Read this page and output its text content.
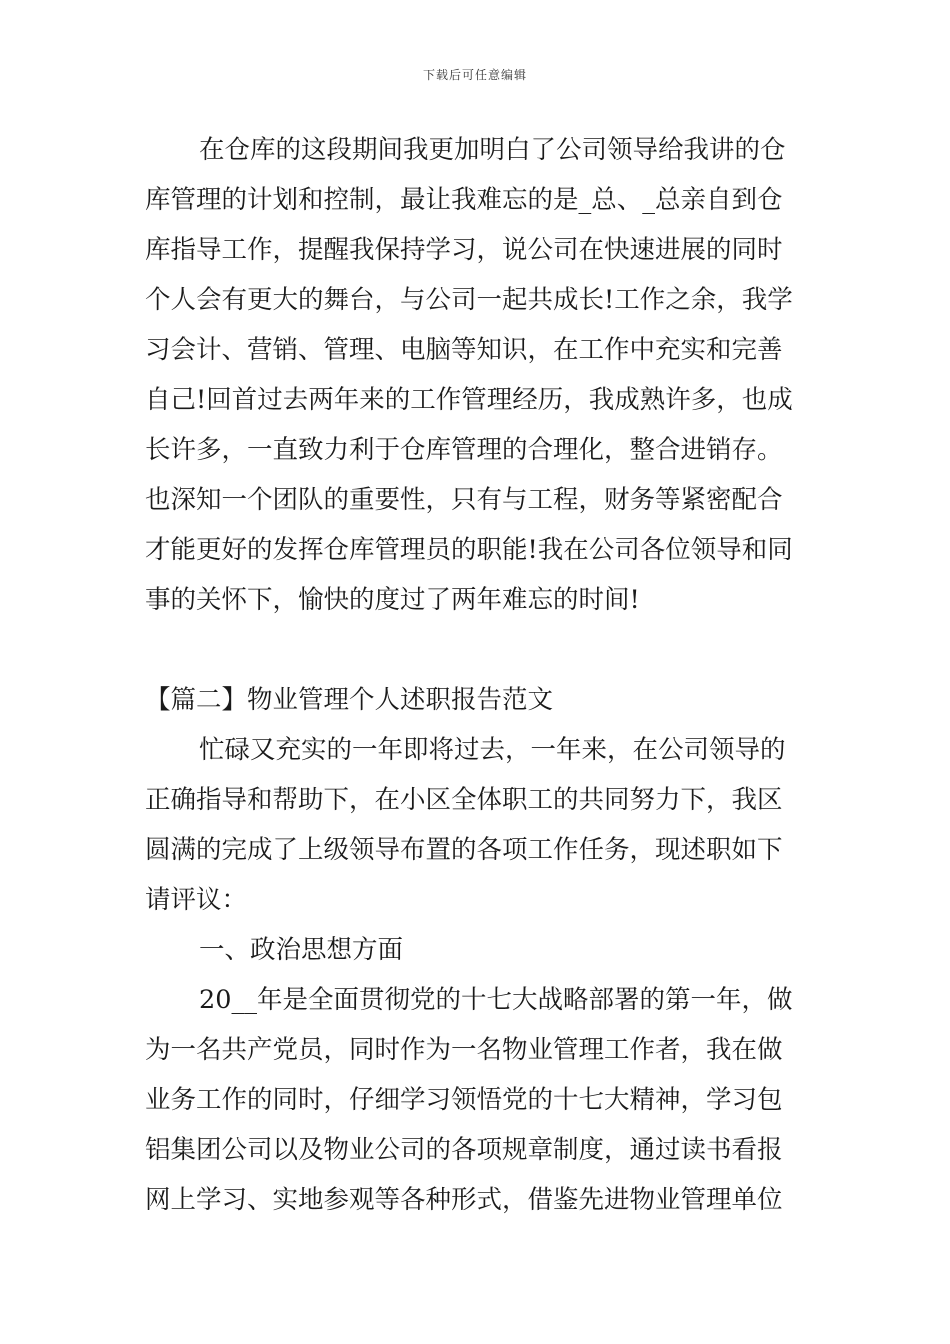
下载后可任意编辑
在仓库的这段期间我更加明白了公司领导给我讲的仓
库管理的计划和控制，最让我难忘的是_总、_总亲自到仓
库指导工作，提醒我保持学习，说公司在快速进展的同时
个人会有更大的舞台，与公司一起共成长!工作之余，我学
习会计、营销、管理、电脑等知识，在工作中充实和完善
自己!回首过去两年来的工作管理经历，我成熟许多，也成
长许多，一直致力利于仓库管理的合理化，整合进销存。
也深知一个团队的重要性，只有与工程，财务等紧密配合
才能更好的发挥仓库管理员的职能!我在公司各位领导和同
事的关怀下，愉快的度过了两年难忘的时间!
【篇二】物业管理个人述职报告范文
忙碌又充实的一年即将过去，一年来，在公司领导的
正确指导和帮助下，在小区全体职工的共同努力下，我区
圆满的完成了上级领导布置的各项工作任务，现述职如下
请评议：
一、政治思想方面
20__年是全面贯彻党的十七大战略部署的第一年，做
为一名共产党员，同时作为一名物业管理工作者，我在做
业务工作的同时，仔细学习领悟党的十七大精神，学习包
铝集团公司以及物业公司的各项规章制度，通过读书看报
网上学习、实地参观等各种形式，借鉴先进物业管理单位
